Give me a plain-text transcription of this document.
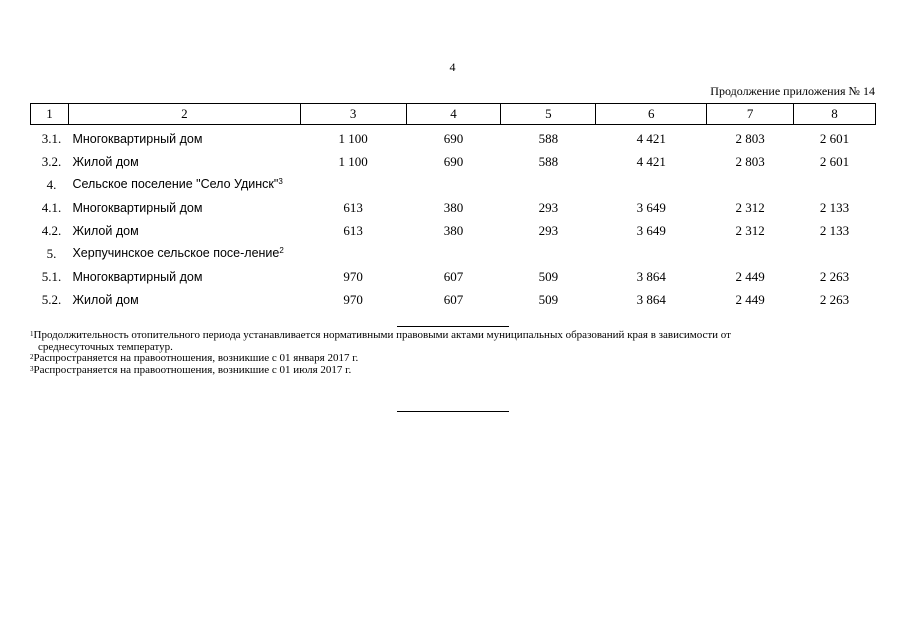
4
Продолжение приложения № 14
1	2	3	4	5	6	7	8
3.1.	Многоквартирный дом	1 100	690	588	4 421	2 803	2 601
3.2.	Жилой дом	1 100	690	588	4 421	2 803	2 601
4.	Сельское поселение "Село Удинск"$^3$						
4.1.	Многоквартирный дом	613	380	293	3 649	2 312	2 133
4.2.	Жилой дом	613	380	293	3 649	2 312	2 133
5.	Херпучинское сельское посе-ление$^2$						
5.1.	Многоквартирный дом	970	607	509	3 864	2 449	2 263
5.2.	Жилой дом	970	607	509	3 864	2 449	2 263

$^1$Продолжительность отопительного периода устанавливается нормативными правовыми актами муниципальных образований края в зависимости от
среднесуточных температур.

$^2$Распространяется на правоотношения, возникшие с 01 января 2017 г.

$^3$Распространяется на правоотношения, возникшие с 01 июля 2017 г.
